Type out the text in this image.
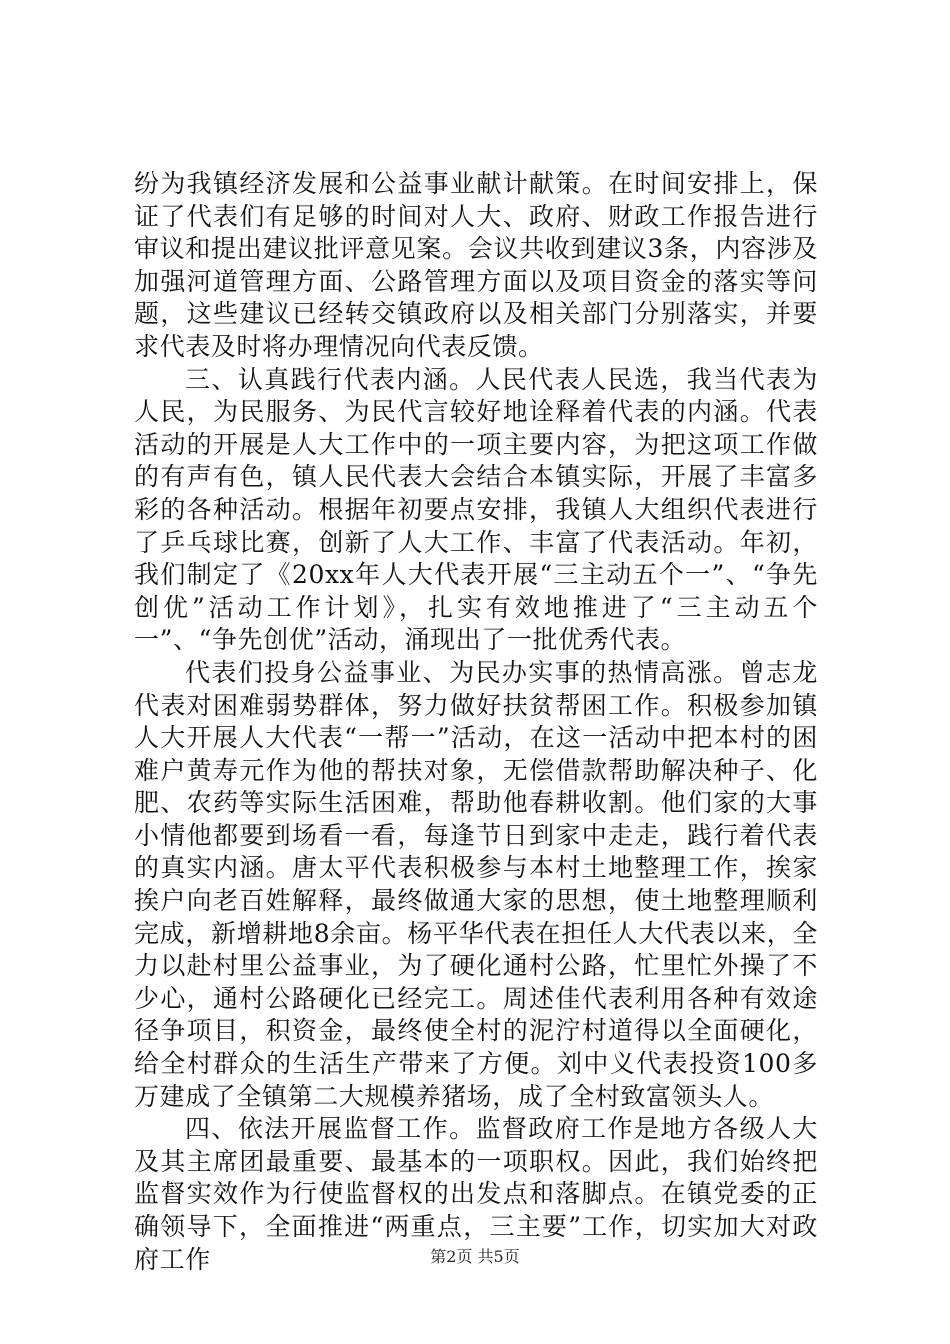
纷为我镇经济发展和公益事业献计献策。在时间安排上，保证了代表们有足够的时间对人大、政府、财政工作报告进行审议和提出建议批评意见案。会议共收到建议3条，内容涉及加强河道管理方面、公路管理方面以及项目资金的落实等问题，这些建议已经转交镇政府以及相关部门分别落实，并要求代表及时将办理情况向代表反馈。

三、认真践行代表内涵。人民代表人民选，我当代表为人民，为民服务、为民代言较好地诠释着代表的内涵。代表活动的开展是人大工作中的一项主要内容，为把这项工作做的有声有色，镇人民代表大会结合本镇实际，开展了丰富多彩的各种活动。根据年初要点安排，我镇人大组织代表进行了乒乓球比赛，创新了人大工作、丰富了代表活动。年初，我们制定了《20xx年人大代表开展“三主动五个一”、“争先创优”活动工作计划》，扎实有效地推进了“三主动五个一”、“争先创优”活动，涌现出了一批优秀代表。

代表们投身公益事业、为民办实事的热情高涨。曾志龙代表对困难弱势群体，努力做好扶贫帮困工作。积极参加镇人大开展人大代表“一帮一”活动，在这一活动中把本村的困难户黄寿元作为他的帮扶对象，无偿借款帮助解决种子、化肥、农药等实际生活困难，帮助他春耕收割。他们家的大事小情他都要到场看一看，每逢节日到家中走走，践行着代表的真实内涵。唐太平代表积极参与本村土地整理工作，挨家挨户向老百姓解释，最终做通大家的思想，使土地整理顺利完成，新增耕地8余亩。杨平华代表在担任人大代表以来，全力以赴村里公益事业，为了硬化通村公路，忙里忙外操了不少心，通村公路硬化已经完工。周述佳代表利用各种有效途径争项目，积资金，最终使全村的泥泞村道得以全面硬化，给全村群众的生活生产带来了方便。刘中义代表投资100多万建成了全镇第二大规模养猪场，成了全村致富领头人。

四、依法开展监督工作。监督政府工作是地方各级人大及其主席团最重要、最基本的一项职权。因此，我们始终把监督实效作为行使监督权的出发点和落脚点。在镇党委的正确领导下，全面推进“两重点，三主要”工作，切实加大对政府工作	第2页 共5页
